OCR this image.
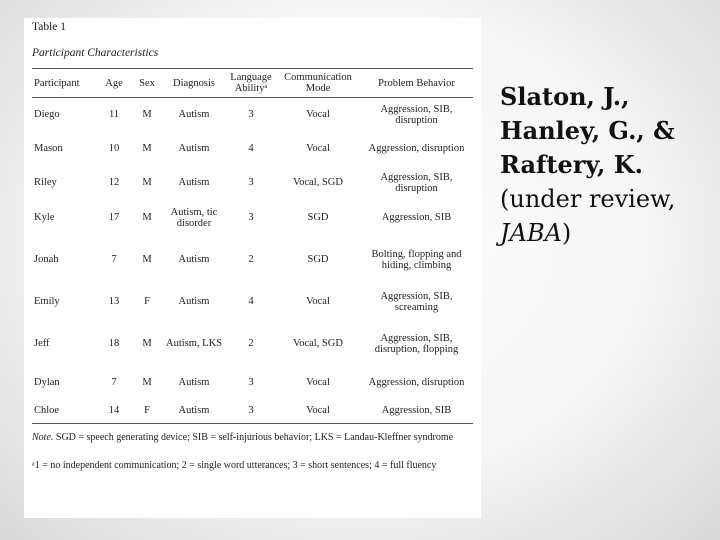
Table 1

Participant Characteristics

Participant	Age	Sex	Diagnosis	Language Abilityᵃ	Communication Mode	Problem Behavior
Diego	11	M	Autism	3	Vocal	Aggression, SIB, disruption
Mason	10	M	Autism	4	Vocal	Aggression, disruption
Riley	12	M	Autism	3	Vocal, SGD	Aggression, SIB, disruption
Kyle	17	M	Autism, tic disorder	3	SGD	Aggression, SIB
Jonah	7	M	Autism	2	SGD	Bolting, flopping and hiding, climbing
Emily	13	F	Autism	4	Vocal	Aggression, SIB, screaming
Jeff	18	M	Autism, LKS	2	Vocal, SGD	Aggression, SIB, disruption, flopping
Dylan	7	M	Autism	3	Vocal	Aggression, disruption
Chloe	14	F	Autism	3	Vocal	Aggression, SIB
Note. SGD = speech generating device; SIB = self-injurious behavior; LKS = Landau-Kleffner syndrome
ᵃ1 = no independent communication; 2 = single word utterances; 3 = short sentences; 4 = full fluency
Slaton, J.,
Hanley, G., &
Raftery, K.
(under review,
JABA)
